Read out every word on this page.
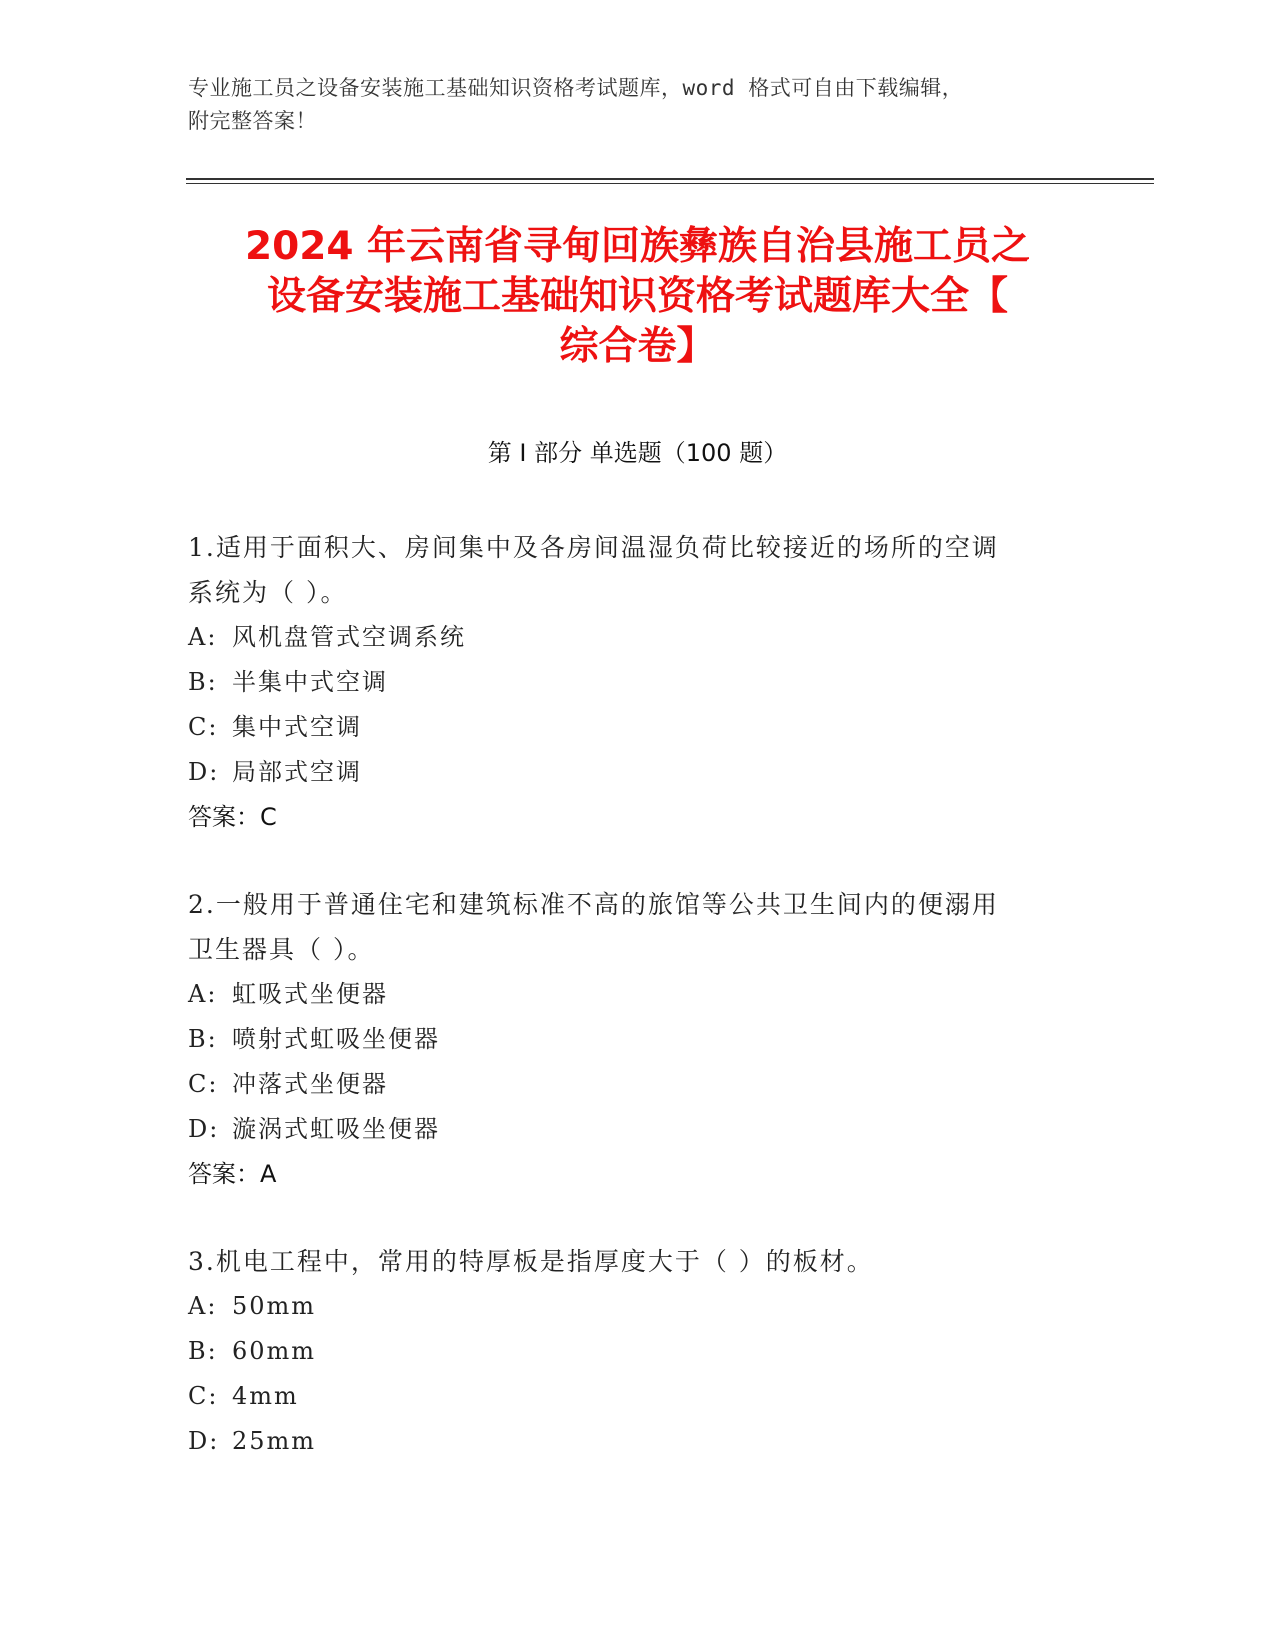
专业施工员之设备安装施工基础知识资格考试题库，word 格式可自由下载编辑，
附完整答案！
2024 年云南省寻甸回族彝族自治县施工员之
设备安装施工基础知识资格考试题库大全【
综合卷】
第 I 部分 单选题（100 题）

1.适用于面积大、房间集中及各房间温湿负荷比较接近的场所的空调

系统为（ ）。

A: 风机盘管式空调系统
B: 半集中式空调
C: 集中式空调
D: 局部式空调
答案：C

2.一般用于普通住宅和建筑标准不高的旅馆等公共卫生间内的便溺用

卫生器具（ ）。

A: 虹吸式坐便器
B: 喷射式虹吸坐便器
C: 冲落式坐便器
D: 漩涡式虹吸坐便器
答案：A

3.机电工程中，常用的特厚板是指厚度大于（ ）的板材。

A: 50mm
B: 60mm
C: 4mm
D: 25mm
